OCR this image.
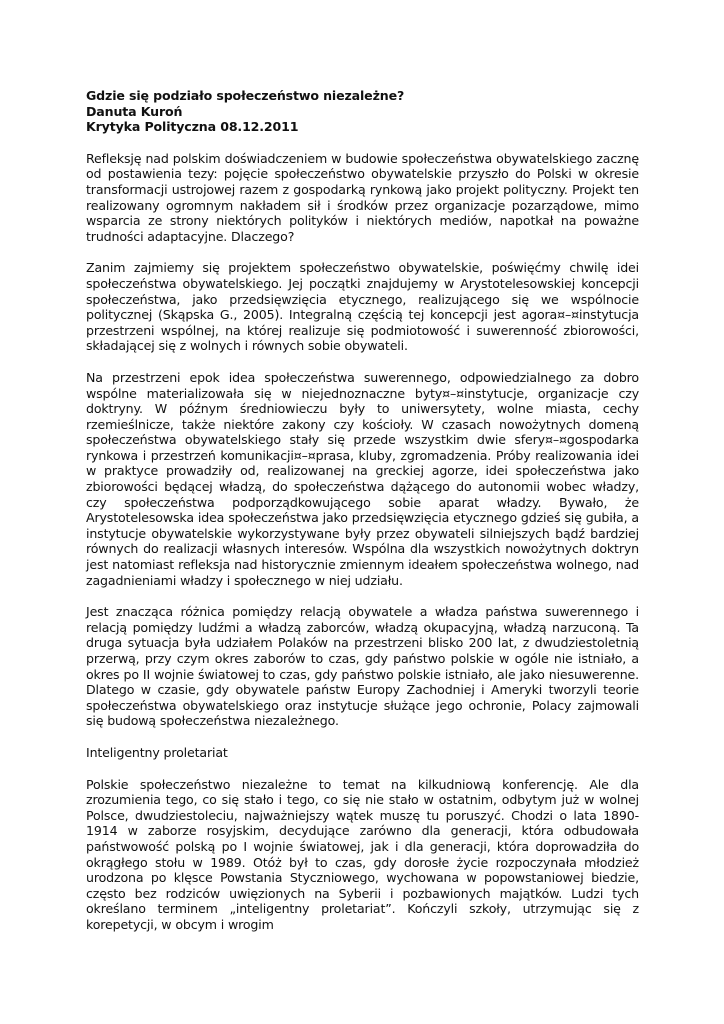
Gdzie się podziało społeczeństwo niezależne?

Danuta Kuroń

Krytyka Polityczna 08.12.2011

Refleksję nad polskim doświadczeniem w budowie społeczeństwa obywatelskiego zacznę od postawienia tezy: pojęcie społeczeństwo obywatelskie przyszło do Polski w okresie transformacji ustrojowej razem z gospodarką rynkową jako projekt polityczny. Projekt ten realizowany ogromnym nakładem sił i środków przez organizacje pozarządowe, mimo wsparcia ze strony niektórych polityków i niektórych mediów, napotkał na poważne trudności adaptacyjne. Dlaczego?

Zanim zajmiemy się projektem społeczeństwo obywatelskie, poświęćmy chwilę idei społeczeństwa obywatelskiego. Jej początki znajdujemy w Arystotelesowskiej koncepcji społeczeństwa, jako przedsięwzięcia etycznego, realizującego się we wspólnocie politycznej (Skąpska G., 2005). Integralną częścią tej koncepcji jest agora¤–¤instytucja przestrzeni wspólnej, na której realizuje się podmiotowość i suwerenność zbiorowości, składającej się z wolnych i równych sobie obywateli.

Na przestrzeni epok idea społeczeństwa suwerennego, odpowiedzialnego za dobro wspólne materializowała się w niejednoznaczne byty¤–¤instytucje, organizacje czy doktryny. W późnym średniowieczu były to uniwersytety, wolne miasta, cechy rzemieślnicze, także niektóre zakony czy kościoły. W czasach nowożytnych domeną społeczeństwa obywatelskiego stały się przede wszystkim dwie sfery¤–¤gospodarka rynkowa i przestrzeń komunikacji¤–¤prasa, kluby, zgromadzenia. Próby realizowania idei w praktyce prowadziły od, realizowanej na greckiej agorze, idei społeczeństwa jako zbiorowości będącej władzą, do społeczeństwa dążącego do autonomii wobec władzy, czy społeczeństwa podporządkowującego sobie aparat władzy. Bywało, że Arystotelesowska idea społeczeństwa jako przedsięwzięcia etycznego gdzieś się gubiła, a instytucje obywatelskie wykorzystywane były przez obywateli silniejszych bądź bardziej równych do realizacji własnych interesów. Wspólna dla wszystkich nowożytnych doktryn jest natomiast refleksja nad historycznie zmiennym ideałem społeczeństwa wolnego, nad zagadnieniami władzy i społecznego w niej udziału.

Jest znacząca różnica pomiędzy relacją obywatele a władza państwa suwerennego i relacją pomiędzy ludźmi a władzą zaborców, władzą okupacyjną, władzą narzuconą. Ta druga sytuacja była udziałem Polaków na przestrzeni blisko 200 lat, z dwudziestoletnią przerwą, przy czym okres zaborów to czas, gdy państwo polskie w ogóle nie istniało, a okres po II wojnie światowej to czas, gdy państwo polskie istniało, ale jako niesuwerenne. Dlatego w czasie, gdy obywatele państw Europy Zachodniej i Ameryki tworzyli teorie społeczeństwa obywatelskiego oraz instytucje służące jego ochronie, Polacy zajmowali się budową społeczeństwa niezależnego.

Inteligentny proletariat

Polskie społeczeństwo niezależne to temat na kilkudniową konferencję. Ale dla zrozumienia tego, co się stało i tego, co się nie stało w ostatnim, odbytym już w wolnej Polsce, dwudziestoleciu, najważniejszy wątek muszę tu poruszyć. Chodzi o lata 1890-1914 w zaborze rosyjskim, decydujące zarówno dla generacji, która odbudowała państwowość polską po I wojnie światowej, jak i dla generacji, która doprowadziła do okrągłego stołu w 1989. Otóż był to czas, gdy dorosłe życie rozpoczynała młodzież urodzona po klęsce Powstania Styczniowego, wychowana w popowstaniowej biedzie, często bez rodziców uwięzionych na Syberii i pozbawionych majątków. Ludzi tych określano terminem „inteligentny proletariat”. Kończyli szkoły, utrzymując się z korepetycji, w obcym i wrogim
